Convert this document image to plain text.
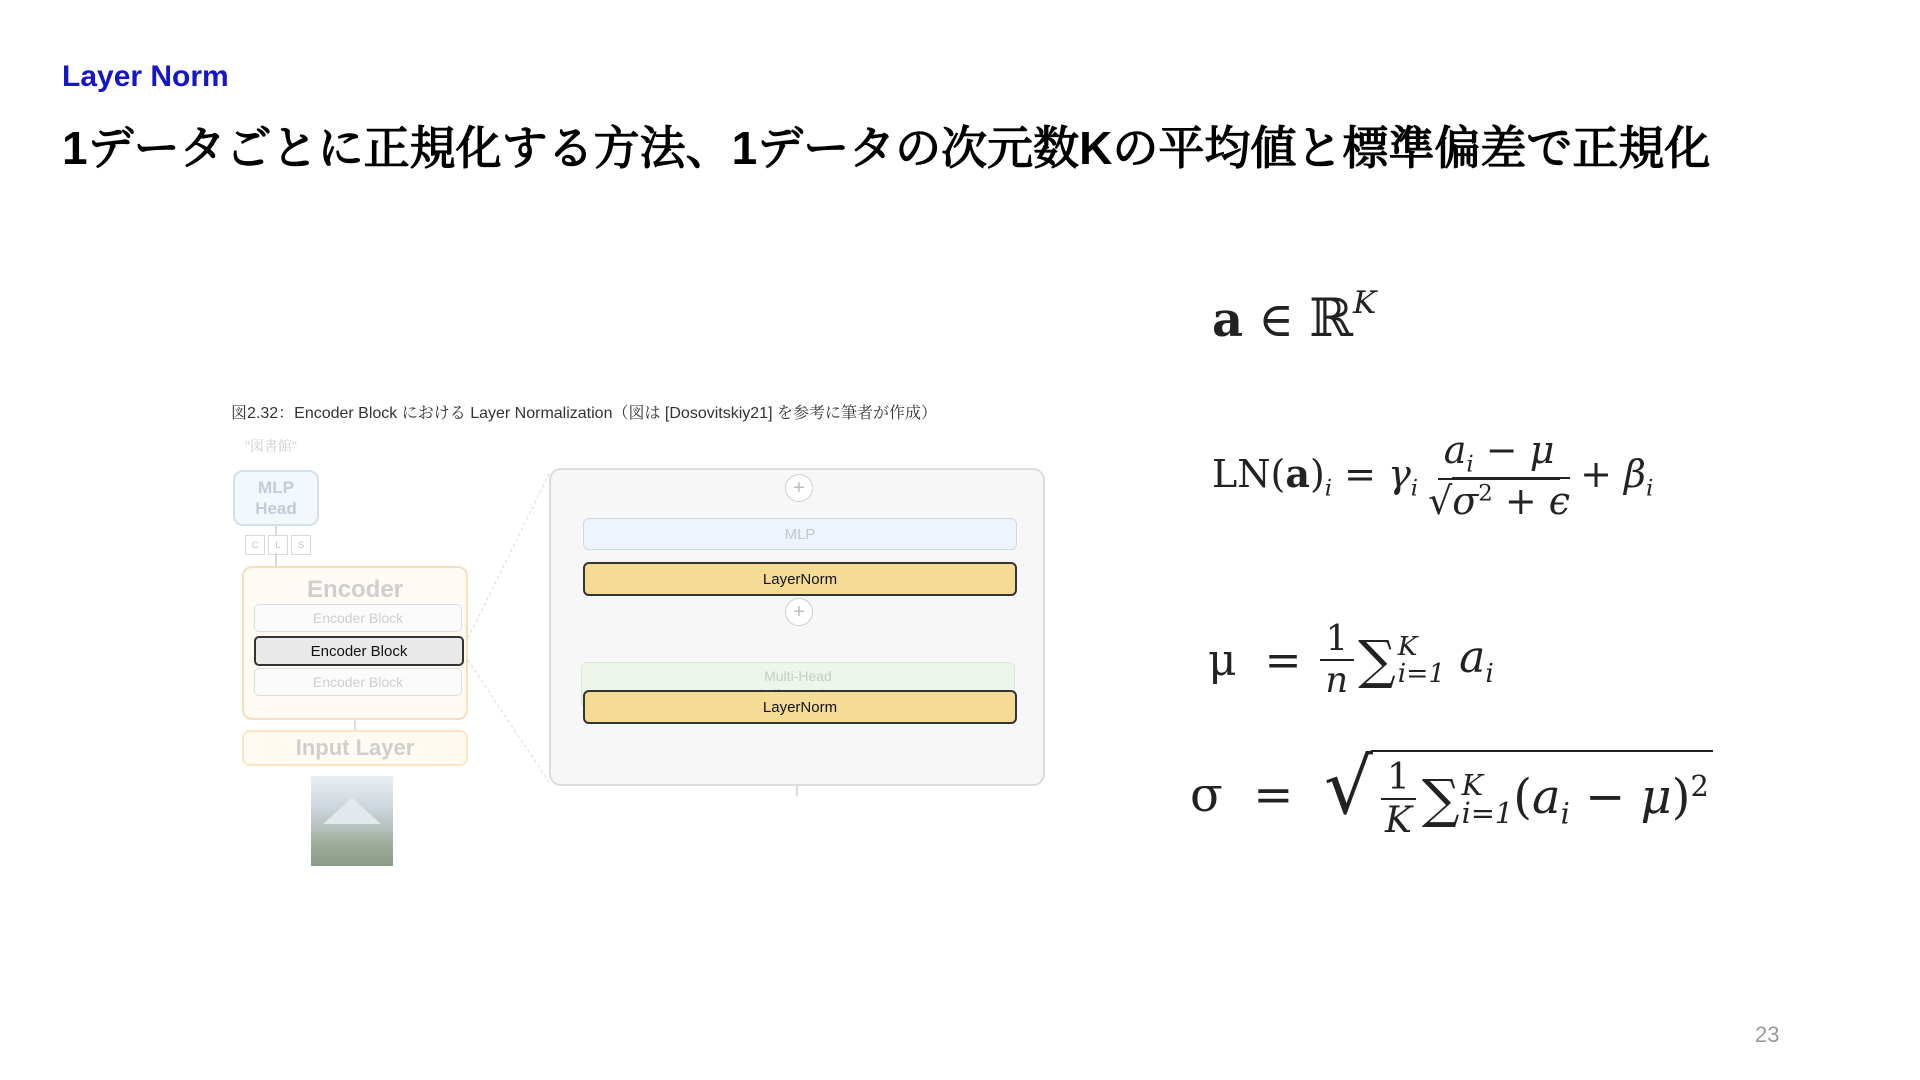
Layer Norm
1データごとに正規化する方法、1データの次元数Kの平均値と標準偏差で正規化
図2.32：Encoder Block における Layer Normalization（図は [Dosovitskiy21] を参考に筆者が作成）
"図書館"
MLP
Head
C	L	S
Encoder
Encoder Block
Encoder Block
Encoder Block
Input Layer
+
MLP
LayerNorm
+
Multi-Head
LayerNorm
a ∈ ℝ$^K$
$LN(a)_i = \gamma_i \frac{a_i - \mu}{√\sigma^2 + \epsilon} + \beta_i$
$\mu = \frac{1}{n}$ ∑ K
i=1 $a_i$
σ  = √ $\frac{1}{K}$ ∑ K
i=1 $(a_i - \mu)^2$
23
